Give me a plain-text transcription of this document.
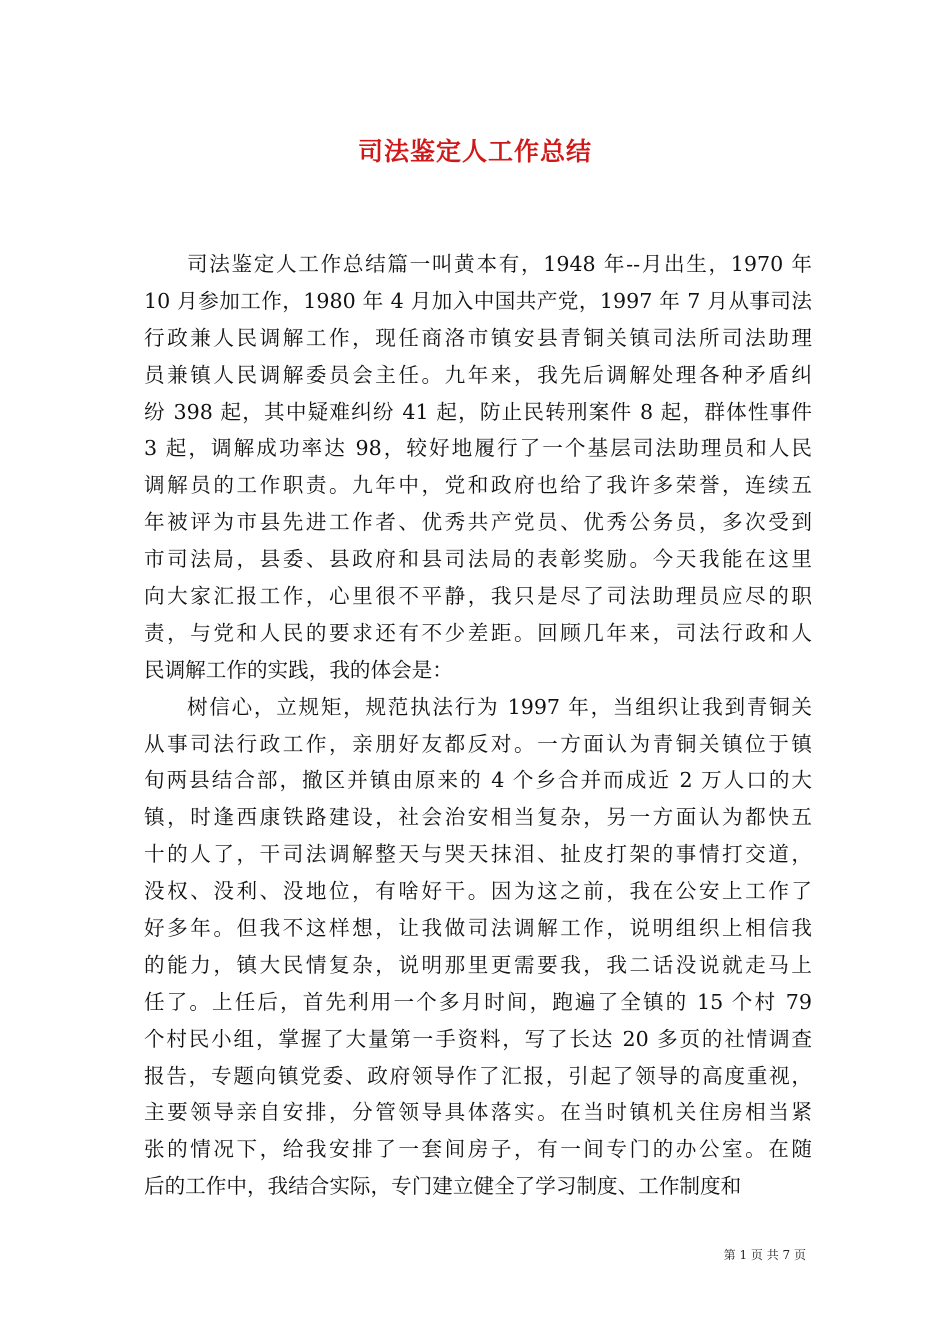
司法鉴定人工作总结
司法鉴定人工作总结篇一叫黄本有，1948 年--月出生，1970 年
10 月参加工作，1980 年 4 月加入中国共产党，1997 年 7 月从事司法
行政兼人民调解工作，现任商洛市镇安县青铜关镇司法所司法助理
员兼镇人民调解委员会主任。九年来，我先后调解处理各种矛盾纠
纷 398 起，其中疑难纠纷 41 起，防止民转刑案件 8 起，群体性事件
3 起，调解成功率达 98，较好地履行了一个基层司法助理员和人民
调解员的工作职责。九年中，党和政府也给了我许多荣誉，连续五
年被评为市县先进工作者、优秀共产党员、优秀公务员，多次受到
市司法局，县委、县政府和县司法局的表彰奖励。今天我能在这里
向大家汇报工作，心里很不平静，我只是尽了司法助理员应尽的职
责，与党和人民的要求还有不少差距。回顾几年来，司法行政和人
民调解工作的实践，我的体会是：
树信心，立规矩，规范执法行为 1997 年，当组织让我到青铜关
从事司法行政工作，亲朋好友都反对。一方面认为青铜关镇位于镇
旬两县结合部，撤区并镇由原来的 4 个乡合并而成近 2 万人口的大
镇，时逢西康铁路建设，社会治安相当复杂，另一方面认为都快五
十的人了，干司法调解整天与哭天抹泪、扯皮打架的事情打交道，
没权、没利、没地位，有啥好干。因为这之前，我在公安上工作了
好多年。但我不这样想，让我做司法调解工作，说明组织上相信我
的能力，镇大民情复杂，说明那里更需要我，我二话没说就走马上
任了。上任后，首先利用一个多月时间，跑遍了全镇的 15 个村 79
个村民小组，掌握了大量第一手资料，写了长达 20 多页的社情调查
报告，专题向镇党委、政府领导作了汇报，引起了领导的高度重视，
主要领导亲自安排，分管领导具体落实。在当时镇机关住房相当紧
张的情况下，给我安排了一套间房子，有一间专门的办公室。在随
后的工作中，我结合实际，专门建立健全了学习制度、工作制度和
第 1 页 共 7 页
